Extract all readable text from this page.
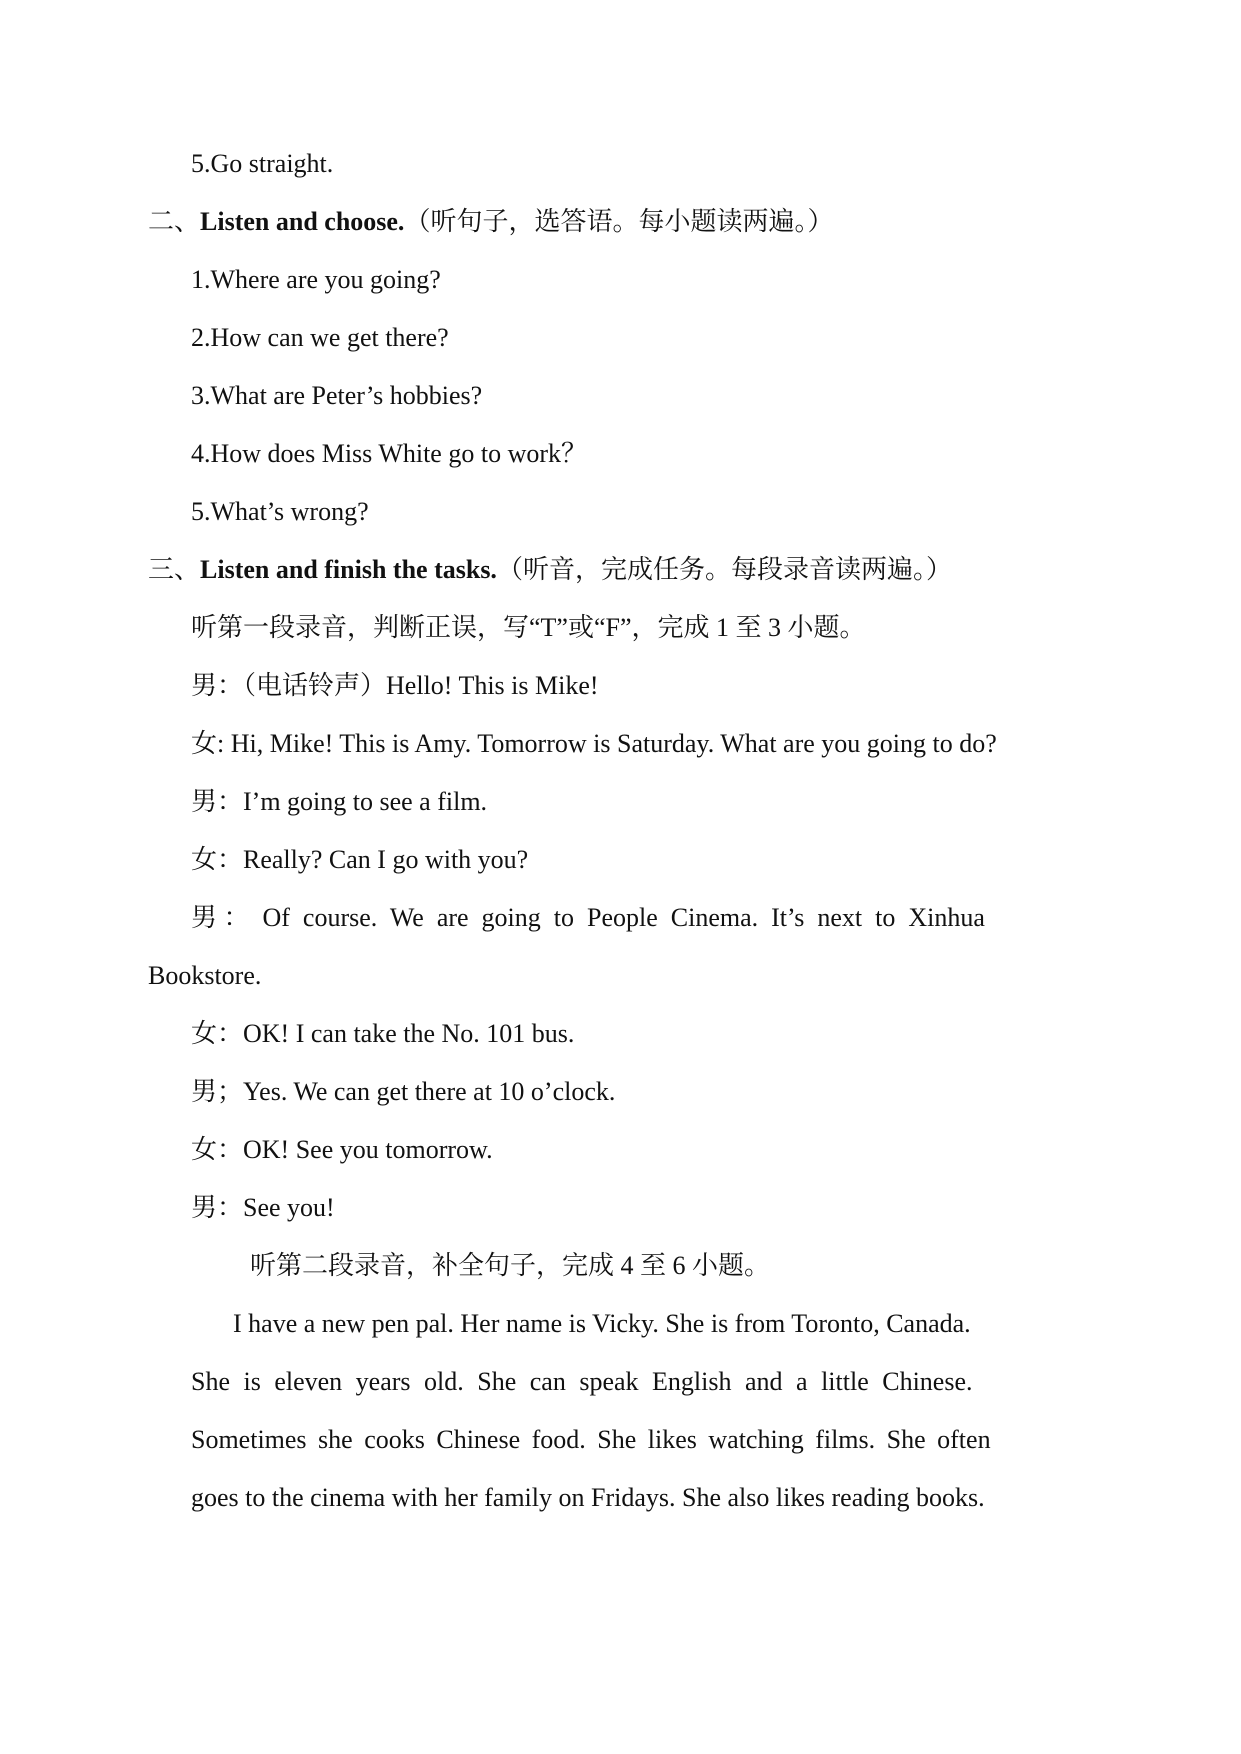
5.Go straight.
二、Listen and choose.（听句子，选答语。每小题读两遍。）
1.Where are you going?
2.How can we get there?
3.What are Peter’s hobbies?
4.How does Miss White go to work？
5.What’s wrong?
三、Listen and finish the tasks.（听音，完成任务。每段录音读两遍。）
听第一段录音，判断正误，写“T”或“F”，完成 1 至 3 小题。
男：（电话铃声）Hello! This is Mike!
女: Hi, Mike! This is Amy. Tomorrow is Saturday. What are you going to do?
男：I’m going to see a film.
女：Really? Can I go with you?
男 ：  Of  course.  We  are  going  to  People  Cinema.  It’s  next  to  Xinhua
Bookstore.
女：OK! I can take the No. 101 bus.
男；Yes. We can get there at 10 o’clock.
女：OK! See you tomorrow.
男：See you!
听第二段录音，补全句子，完成 4 至 6 小题。
I have a new pen pal. Her name is Vicky. She is from Toronto, Canada.
She is eleven years old. She can speak English and a little Chinese.
Sometimes she cooks Chinese food. She likes watching films. She often
goes to the cinema with her family on Fridays. She also likes reading books.
